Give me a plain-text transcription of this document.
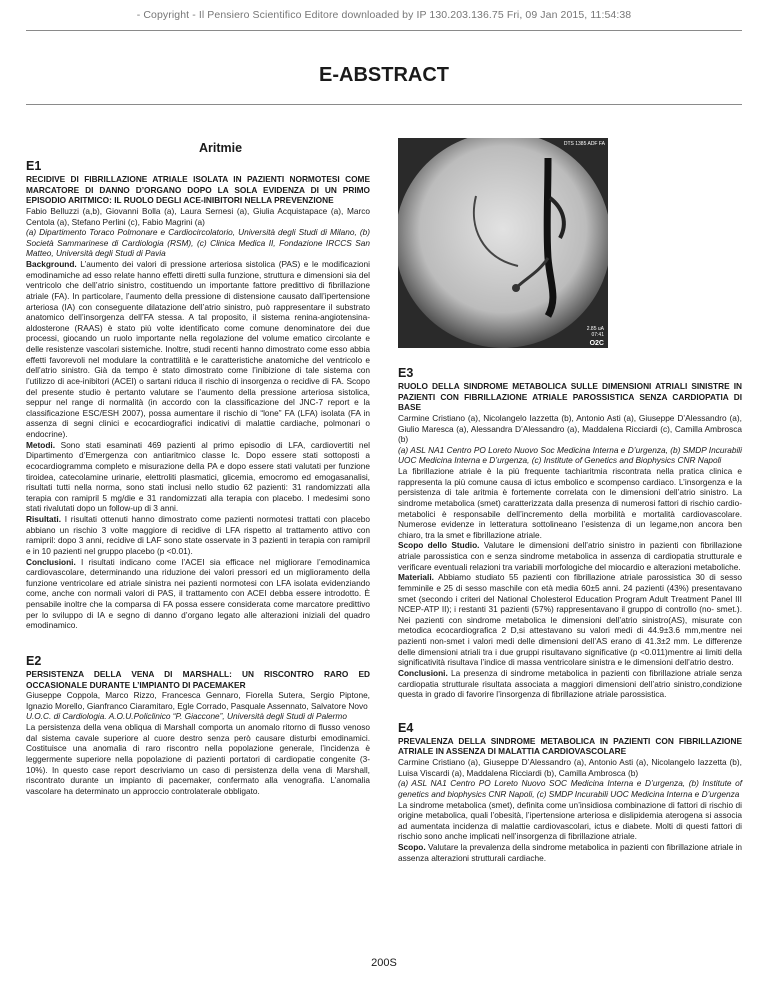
- Copyright - Il Pensiero Scientifico Editore downloaded by IP 130.203.136.75 Fri, 09 Jan 2015, 11:54:38
E-ABSTRACT
Aritmie

E1

RECIDIVE DI FIBRILLAZIONE ATRIALE ISOLATA IN PAZIENTI NORMOTESI COME MARCATORE DI DANNO D’ORGANO DOPO LA SOLA EVIDENZA DI UN PRIMO EPISODIO ARITMICO: IL RUOLO DEGLI ACE-INIBITORI NELLA PREVENZIONE

Fabio Belluzzi (a,b), Giovanni Bolla (a), Laura Sernesi (a), Giulia Acquistapace (a), Marco Centola (a), Stefano Perlini (c), Fabio Magrini (a)

(a) Dipartimento Toraco Polmonare e Cardiocircolatorio, Università degli Studi di Milano, (b) Società Sammarinese di Cardiologia (RSM), (c) Clinica Medica II, Fondazione IRCCS San Matteo, Università degli Studi di Pavia

Background. L’aumento dei valori di pressione arteriosa sistolica (PAS) e le modificazioni emodinamiche ad esso relate hanno effetti diretti sulla funzione, struttura e dimensioni sia del ventricolo che dell’atrio sinistro, costituendo un importante fattore predittivo di fibrillazione atriale (FA). In particolare, l’aumento della pressione di distensione causato dall’ipertensione arteriosa (IA) con conseguente dilatazione dell’atrio sinistro, può rappresentare il substrato anatomico dell’insorgenza dell’FA stessa. A tal proposito, il sistema renina-angiotensina-aldosterone (RAAS) è stato più volte identificato come comune denominatore dei due processi, giocando un ruolo importante nella regolazione del volume ematico circolante e delle resistenze vascolari sistemiche. Inoltre, studi recenti hanno dimostrato come esso abbia effetti favorevoli nel modulare la contrattilità e le caratteristiche anatomiche del ventricolo e dell’atrio sinistro. Già da tempo è stato dimostrato come l’inibizione di tale sistema con l’utilizzo di ace-inibitori (ACEI) o sartani riduca il rischio di insorgenza o recidive di FA. Scopo del presente studio è pertanto valutare se l’aumento della pressione arteriosa sistolica, seppur nel range di normalità (in accordo con la classificazione del JNC-7 report e la classificazione ESC/ESH 2007), possa aumentare il rischio di “lone” FA (LFA) isolata (FA in assenza di segni clinici e ecocardiografici indicativi di malattie cardiache, polmonari o endocrine).

Metodi. Sono stati esaminati 469 pazienti al primo episodio di LFA, cardiovertiti nel Dipartimento d’Emergenza con antiaritmico classe Ic. Dopo essere stati sottoposti a ecocardiogramma completo e misurazione della PA e dopo essere stati valutati per funzione tiroidea, catecolamine urinarie, elettroliti plasmatici, glicemia, emocromo ed emogasanalisi, risultati tutti nella norma, sono stati inclusi nello studio 62 pazienti: 31 randomizzati alla terapia con ramipril 5 mg/die e 31 randomizzati alla terapia con placebo. I medesimi sono stati rivalutati dopo un follow-up di 3 anni.

Risultati. I risultati ottenuti hanno dimostrato come pazienti normotesi trattati con placebo abbiano un rischio 3 volte maggiore di recidive di LFA rispetto al trattamento attivo con ramipril: dopo 3 anni, recidive di LAF sono state osservate in 3 pazienti in terapia con ramipril e in 10 pazienti nel gruppo placebo (p <0.01).

Conclusioni. I risultati indicano come l’ACEI sia efficace nel migliorare l’emodinamica cardiovascolare, determinando una riduzione dei valori pressori ed un miglioramento della funzione ventricolare ed atriale sinistra nei pazienti normotesi con LFA isolata evidenziando come, anche con normali valori di PAS, il trattamento con ACEI debba essere introdotto. È pensabile inoltre che la comparsa di FA possa essere considerata come marcatore predittivo per lo sviluppo di IA e segno di danno d’organo legato alle alterazioni iniziali del quadro emodinamico.

E2

PERSISTENZA DELLA VENA DI MARSHALL: UN RISCONTRO RARO ED OCCASIONALE DURANTE L’IMPIANTO DI PACEMAKER

Giuseppe Coppola, Marco Rizzo, Francesca Gennaro, Fiorella Sutera, Sergio Piptone, Ignazio Morello, Gianfranco Ciaramitaro, Egle Corrado, Pasquale Assennato, Salvatore Novo

U.O.C. di Cardiologia. A.O.U.Policlinico “P. Giaccone”, Università degli Studi di Palermo

La persistenza della vena obliqua di Marshall comporta un anomalo ritorno di flusso venoso dal sistema cavale superiore al cuore destro senza però causare disturbi emodinamici. Costituisce una anomalia di raro riscontro nella popolazione generale, l’incidenza è leggermente superiore nella popolazione di pazienti portatori di cardiopatie congenite (3-10%). In questo case report descriviamo un caso di persistenza della vena di Marshall, riscontrato durante un impianto di pacemaker, confermato alla venografia. L’anomalia vascolare ha determinato un approccio controlaterale obbligato.

DTS 1385 ADF FA
2.85 uA
07:41
O2C

E3

RUOLO DELLA SINDROME METABOLICA SULLE DIMENSIONI ATRIALI SINISTRE IN PAZIENTI CON FIBRILLAZIONE ATRIALE PAROSSISTICA SENZA CARDIOPATIA DI BASE

Carmine Cristiano (a), Nicolangelo Iazzetta (b), Antonio Asti (a), Giuseppe D’Alessandro (a), Giulio Maresca (a), Alessandra D’Alessandro (a), Maddalena Ricciardi (c), Camilla Ambrosca (b)

(a) ASL NA1 Centro PO Loreto Nuovo Soc Medicina Interna e D’urgenza, (b) SMDP Incurabili UOC Medicina Interna e D’urgenza, (c) Institute of Genetics and Biophysics CNR Napoli

La fibrillazione atriale è la più frequente tachiaritmia riscontrata nella pratica clinica e rappresenta la più comune causa di ictus embolico e scompenso cardiaco. L’insorgenza e la persistenza di tale aritmia è fortemente correlata con le dimensioni dell’atrio sinistro. La sindrome metabolica (smet) caratterizzata dalla presenza di numerosi fattori di rischio cardio-metabolici è responsabile dell’incremento della morbilità e mortalità cardiovascolare. Numerose evidenze in letteratura sottolineano l’esistenza di un legame,non ancora ben chiaro, tra la smet e fibrillazione atriale.

Scopo dello Studio. Valutare le dimensioni dell’atrio sinistro in pazienti con fibrillazione atriale parossistica con e senza sindrome metabolica in assenza di cardiopatia strutturale e verificare eventuali relazioni tra variabili morfologiche del miocardio e alterazioni metaboliche.

Materiali. Abbiamo studiato 55 pazienti con fibrillazione atriale parossistica 30 di sesso femminile e 25 di sesso maschile con età media 60±5 anni. 24 pazienti (43%) presentavano smet (secondo i criteri del National Cholesterol Education Program Adult Treatment Panel III NCEP-ATP II); i restanti 31 pazienti (57%) rappresentavano il gruppo di controllo (no- smet.). Nei pazienti con sindrome metabolica le dimensioni dell’atrio sinistro(AS), misurate con metodica ecocardiografica 2 D,si attestavano su valori medi di 44.9±3.6 mm,mentre nei pazienti non-smet i valori medi delle dimensioni dell’AS erano di 41.3±2 mm. Le differenze delle dimensioni atriali tra i due gruppi risultavano significative (p <0.011)mentre ai limiti della significatività risultava l’indice di massa ventricolare sinistra e le dimensioni dell’atrio destro.

Conclusioni. La presenza di sindrome metabolica in pazienti con fibrillazione atriale senza cardiopatia strutturale risultata associata a maggiori dimensioni dell’atrio sinistro,condizione questa in grado di favorire l’insorgenza di fibrillazione atriale parossistica.

E4

PREVALENZA DELLA SINDROME METABOLICA IN PAZIENTI CON FIBRILLAZIONE ATRIALE IN ASSENZA DI MALATTIA CARDIOVASCOLARE

Carmine Cristiano (a), Giuseppe D’Alessandro (a), Antonio Asti (a), Nicolangelo Iazzetta (b), Luisa Viscardi (a), Maddalena Ricciardi (b), Camilla Ambrosca (b)

(a) ASL NA1 Centro PO Loreto Nuovo SOC Medicina Interna e D’urgenza, (b) Institute of genetics and biophysics CNR Napoli, (c) SMDP Incurabili UOC Medicina Interna e D’urgenza

La sindrome metabolica (smet), definita come un’insidiosa combinazione di fattori di rischio di origine metabolica, quali l’obesità, l’ipertensione arteriosa e dislipidemia aterogena si associa ad aumentata incidenza di malattie cardiovascolari, ictus e diabete. Molti di questi fattori di rischio sono anche implicati nell’insorgenza di fibrillazione atriale.

Scopo. Valutare la prevalenza della sindrome metabolica in pazienti con fibrillazione atriale in assenza alterazioni strutturali cardiache.

200S
